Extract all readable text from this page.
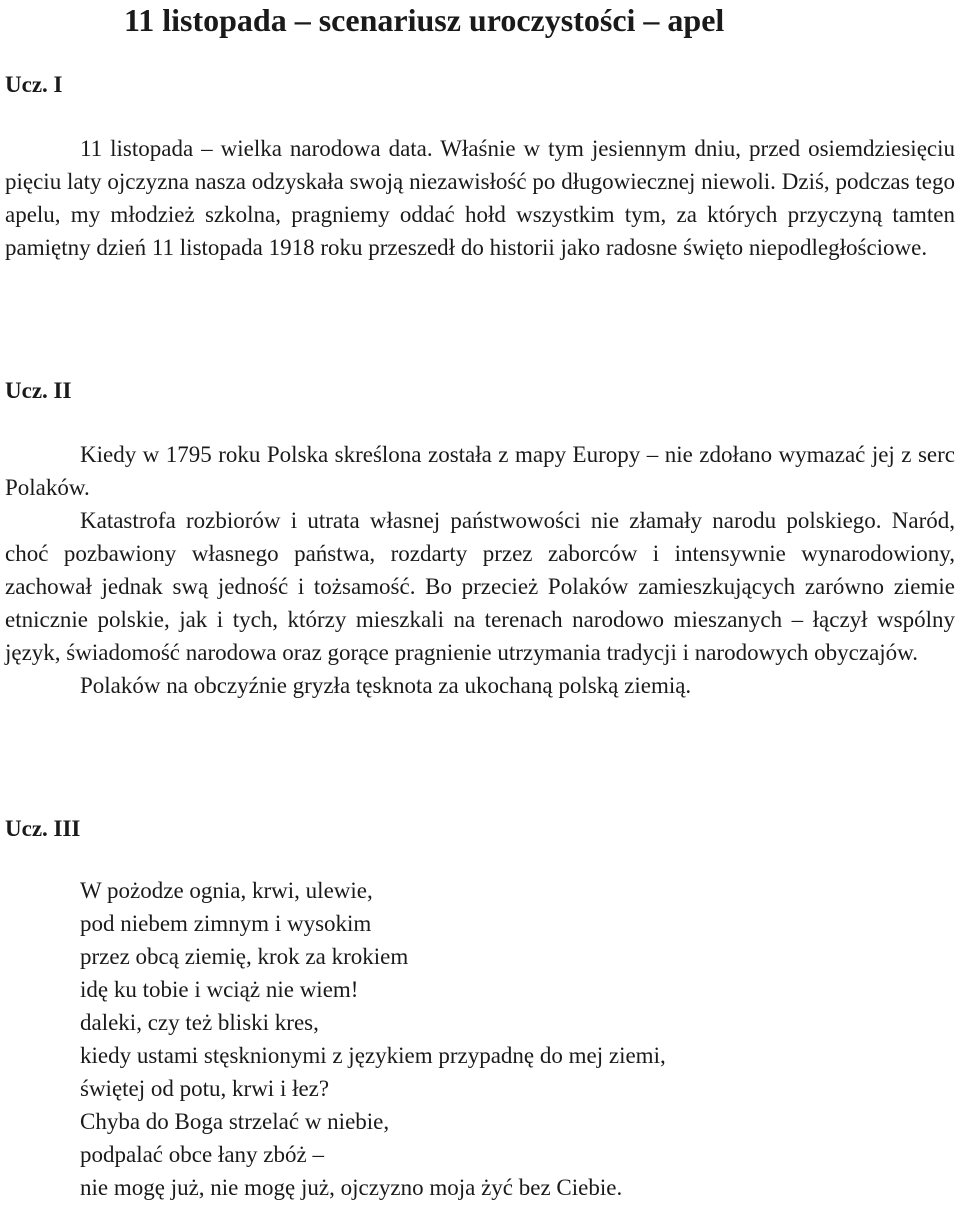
11 listopada – scenariusz uroczystości – apel
Ucz. I

11 listopada – wielka narodowa data. Właśnie w tym jesiennym dniu, przed osiemdziesięciu pięciu laty ojczyzna nasza odzyskała swoją niezawisłość po długowiecznej niewoli. Dziś, podczas tego apelu, my młodzież szkolna, pragniemy oddać hołd wszystkim tym, za których przyczyną tamten pamiętny dzień 11 listopada 1918 roku przeszedł do historii jako radosne święto niepodległościowe.

Ucz. II

Kiedy w 1795 roku Polska skreślona została z mapy Europy – nie zdołano wymazać jej z serc Polaków.

Katastrofa rozbiorów i utrata własnej państwowości nie złamały narodu polskiego. Naród, choć pozbawiony własnego państwa, rozdarty przez zaborców i intensywnie wynarodowiony, zachował jednak swą jedność i tożsamość. Bo przecież Polaków zamieszkujących zarówno ziemie etnicznie polskie, jak i tych, którzy mieszkali na terenach narodowo mieszanych – łączył wspólny język, świadomość narodowa oraz gorące pragnienie utrzymania tradycji i narodowych obyczajów.

Polaków na obczyźnie gryzła tęsknota za ukochaną polską ziemią.

Ucz. III
W pożodze ognia, krwi, ulewie,
pod niebem zimnym i wysokim
przez obcą ziemię, krok za krokiem
idę ku tobie i wciąż nie wiem!
daleki, czy też bliski kres,
kiedy ustami stęsknionymi z językiem przypadnę do mej ziemi,
świętej od potu, krwi i łez?
Chyba do Boga strzelać w niebie,
podpalać obce łany zbóż –
nie mogę już, nie mogę już, ojczyzno moja żyć bez Ciebie.
